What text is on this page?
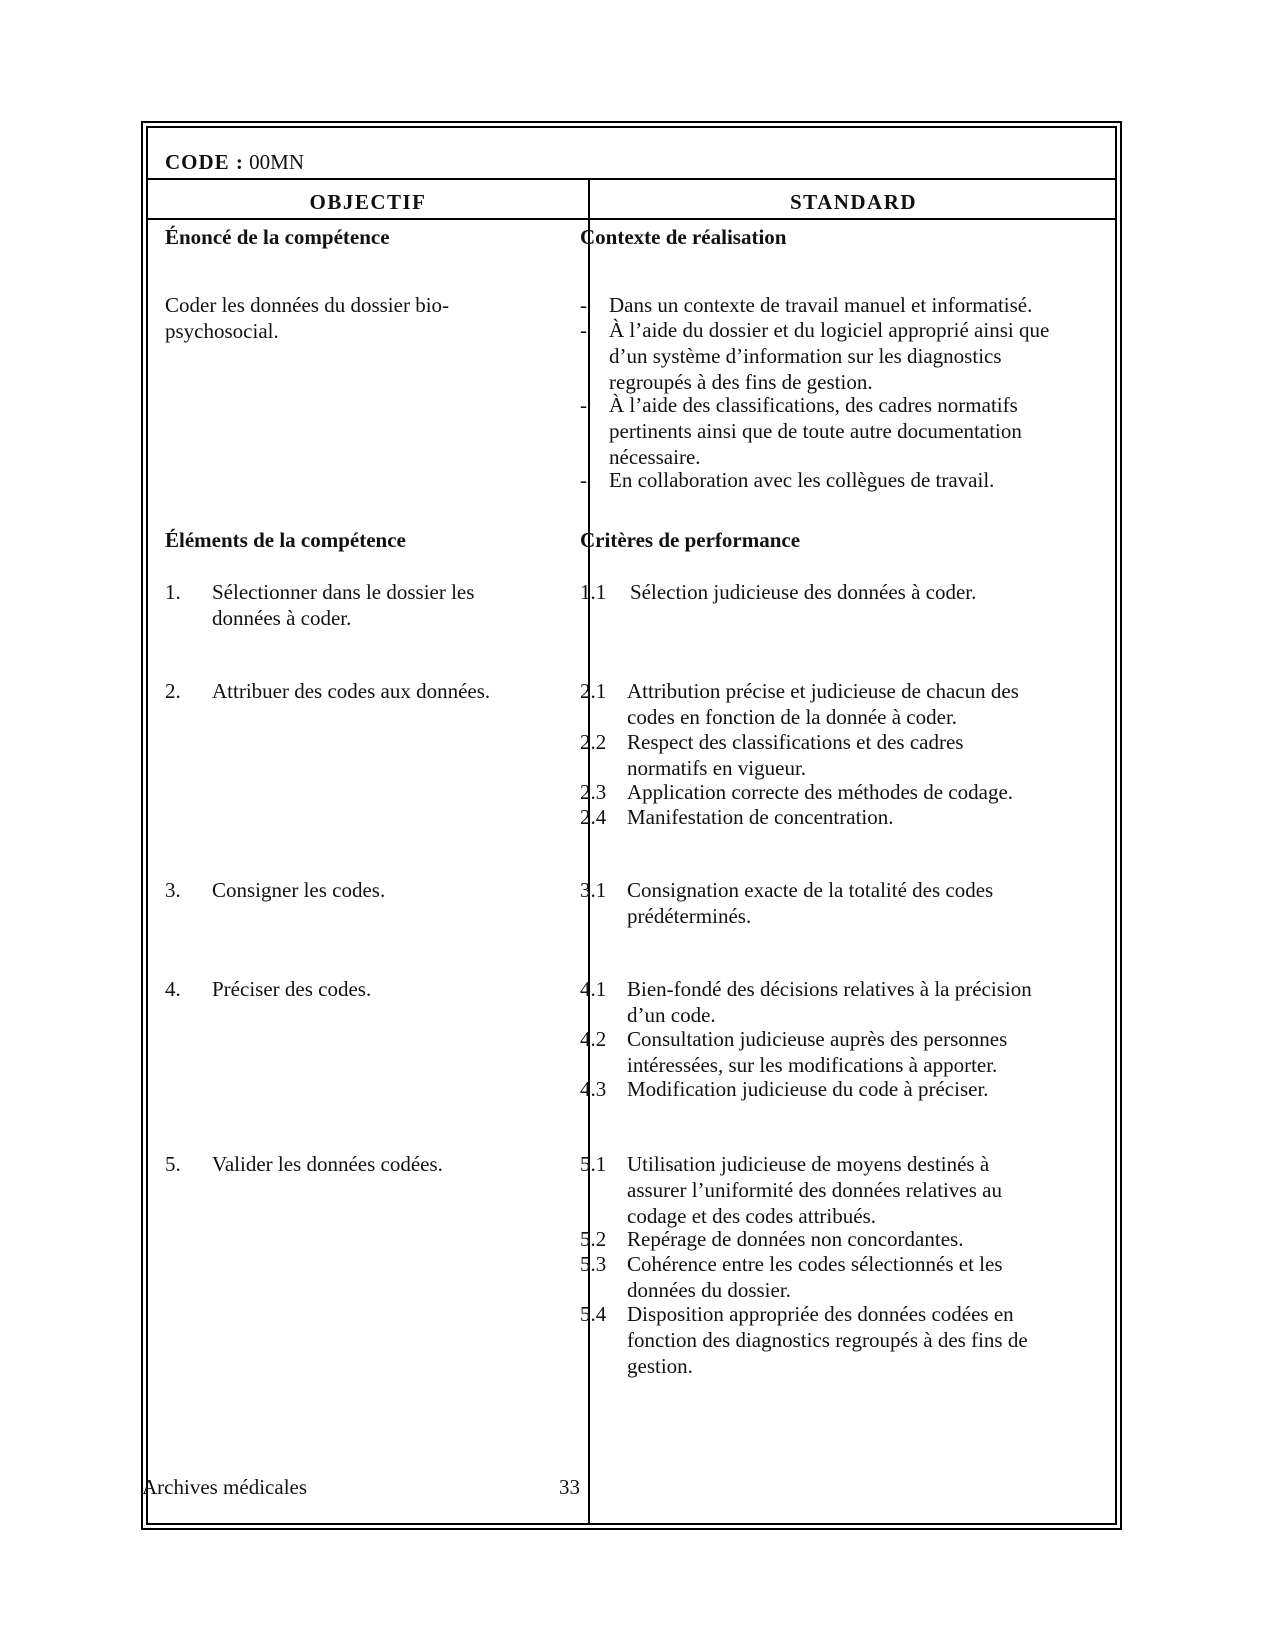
CODE : 00MN
OBJECTIF	STANDARD
Énoncé de la compétence
Coder les données du dossier bio-psychosocial.
Éléments de la compétence
1. Sélectionner dans le dossier les données à coder.
2. Attribuer des codes aux données.
3. Consigner les codes.
4. Préciser des codes.
5. Valider les données codées.
Contexte de réalisation
- Dans un contexte de travail manuel et informatisé.
- À l’aide du dossier et du logiciel approprié ainsi que d’un système d’information sur les diagnostics regroupés à des fins de gestion.
- À l’aide des classifications, des cadres normatifs pertinents ainsi que de toute autre documentation nécessaire.
- En collaboration avec les collègues de travail.
Critères de performance
1.1 Sélection judicieuse des données à coder.
2.1 Attribution précise et judicieuse de chacun des codes en fonction de la donnée à coder.
2.2 Respect des classifications et des cadres normatifs en vigueur.
2.3 Application correcte des méthodes de codage.
2.4 Manifestation de concentration.
3.1 Consignation exacte de la totalité des codes prédéterminés.
4.1 Bien-fondé des décisions relatives à la précision d’un code.
4.2 Consultation judicieuse auprès des personnes intéressées, sur les modifications à apporter.
4.3 Modification judicieuse du code à préciser.
5.1 Utilisation judicieuse de moyens destinés à assurer l’uniformité des données relatives au codage et des codes attribués.
5.2 Repérage de données non concordantes.
5.3 Cohérence entre les codes sélectionnés et les données du dossier.
5.4 Disposition appropriée des données codées en fonction des diagnostics regroupés à des fins de gestion.
Archives médicales	33
